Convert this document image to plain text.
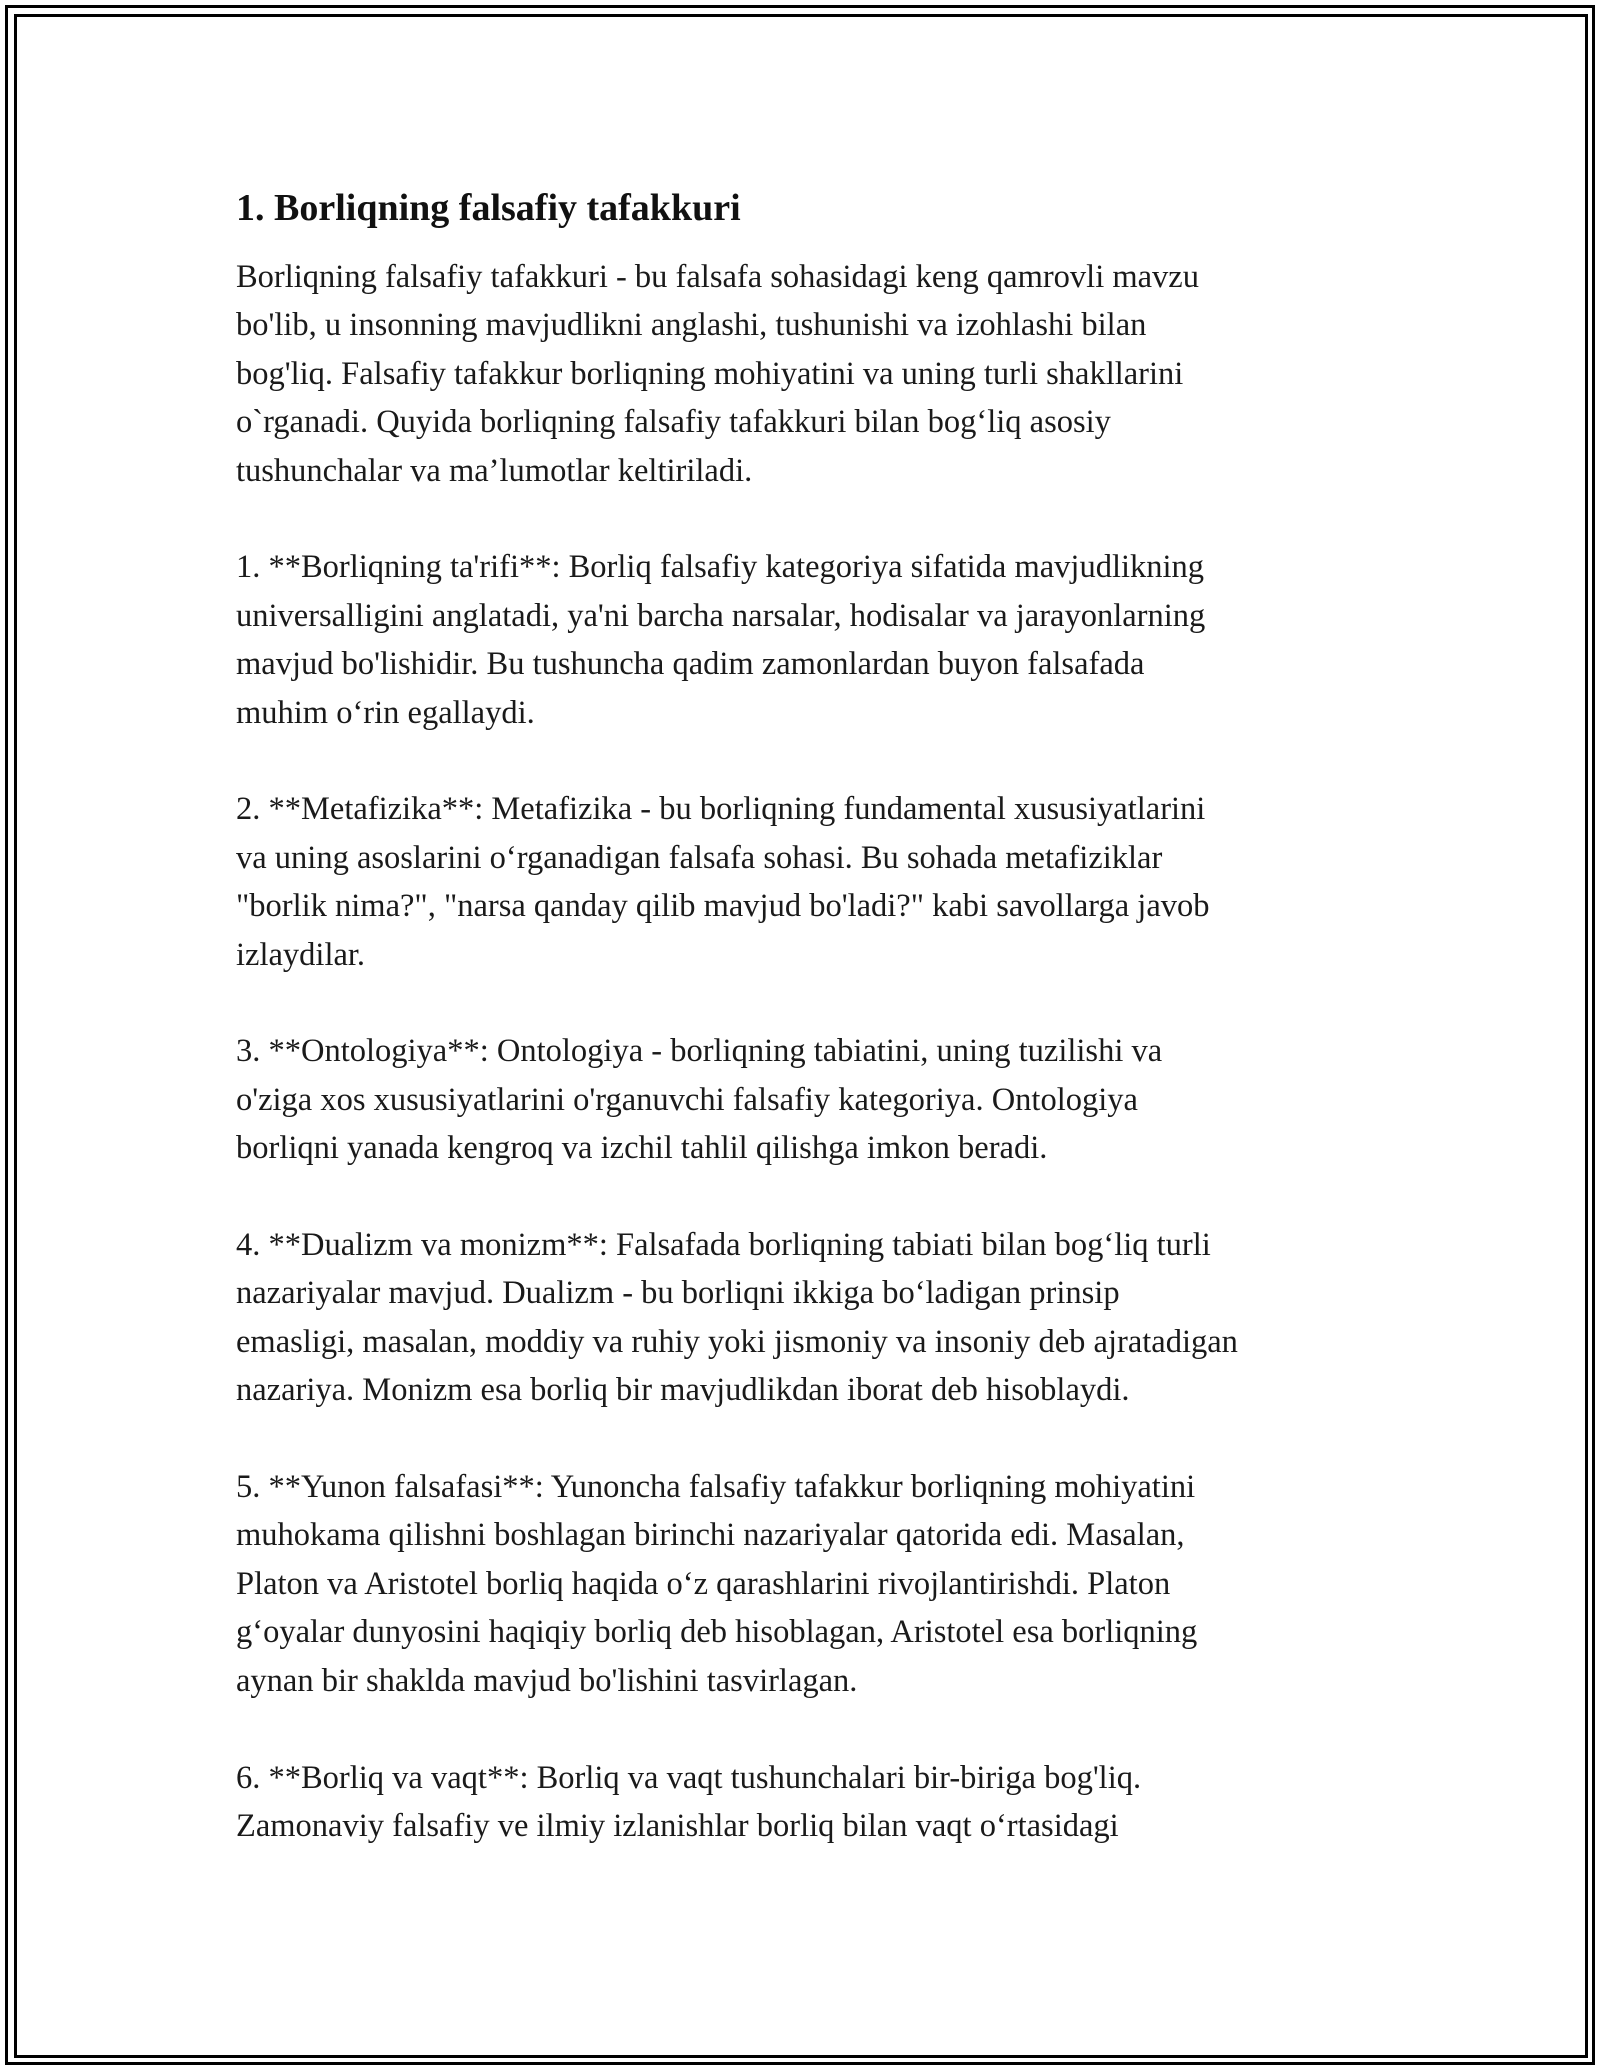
1. Borliqning falsafiy tafakkuri
Borliqning falsafiy tafakkuri - bu falsafa sohasidagi keng qamrovli mavzu
bo'lib, u insonning mavjudlikni anglashi, tushunishi va izohlashi bilan
bog'liq. Falsafiy tafakkur borliqning mohiyatini va uning turli shakllarini
o`rganadi. Quyida borliqning falsafiy tafakkuri bilan bog‘liq asosiy
tushunchalar va ma’lumotlar keltiriladi.
1. **Borliqning ta'rifi**: Borliq falsafiy kategoriya sifatida mavjudlikning
universalligini anglatadi, ya'ni barcha narsalar, hodisalar va jarayonlarning
mavjud bo'lishidir. Bu tushuncha qadim zamonlardan buyon falsafada
muhim o‘rin egallaydi.
2. **Metafizika**: Metafizika - bu borliqning fundamental xususiyatlarini
va uning asoslarini o‘rganadigan falsafa sohasi. Bu sohada metafiziklar
"borlik nima?", "narsa qanday qilib mavjud bo'ladi?" kabi savollarga javob
izlaydilar.
3. **Ontologiya**: Ontologiya - borliqning tabiatini, uning tuzilishi va
o'ziga xos xususiyatlarini o'rganuvchi falsafiy kategoriya. Ontologiya
borliqni yanada kengroq va izchil tahlil qilishga imkon beradi.
4. **Dualizm va monizm**: Falsafada borliqning tabiati bilan bog‘liq turli
nazariyalar mavjud. Dualizm - bu borliqni ikkiga bo‘ladigan prinsip
emasligi, masalan, moddiy va ruhiy yoki jismoniy va insoniy deb ajratadigan
nazariya. Monizm esa borliq bir mavjudlikdan iborat deb hisoblaydi.
5. **Yunon falsafasi**: Yunoncha falsafiy tafakkur borliqning mohiyatini
muhokama qilishni boshlagan birinchi nazariyalar qatorida edi. Masalan,
Platon va Aristotel borliq haqida o‘z qarashlarini rivojlantirishdi. Platon
g‘oyalar dunyosini haqiqiy borliq deb hisoblagan, Aristotel esa borliqning
aynan bir shaklda mavjud bo'lishini tasvirlagan.
6. **Borliq va vaqt**: Borliq va vaqt tushunchalari bir-biriga bog'liq.
Zamonaviy falsafiy ve ilmiy izlanishlar borliq bilan vaqt o‘rtasidagi
